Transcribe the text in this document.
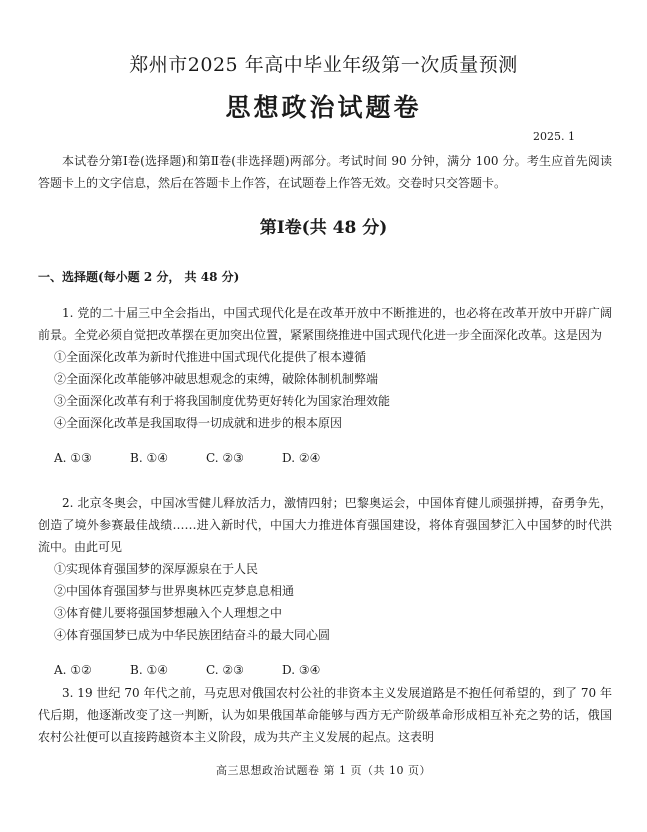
郑州市2025 年高中毕业年级第一次质量预测
思想政治试题卷
2025. 1
本试卷分第Ⅰ卷(选择题)和第Ⅱ卷(非选择题)两部分。考试时间 90 分钟，满分 100 分。考生应首先阅读答题卡上的文字信息，然后在答题卡上作答，在试题卷上作答无效。交卷时只交答题卡。
第Ⅰ卷(共 48 分)
一、选择题(每小题 2 分， 共 48 分)
1. 党的二十届三中全会指出，中国式现代化是在改革开放中不断推进的，也必将在改革开放中开辟广阔前景。全党必须自觉把改革摆在更加突出位置，紧紧围绕推进中国式现代化进一步全面深化改革。这是因为
①全面深化改革为新时代推进中国式现代化提供了根本遵循
②全面深化改革能够冲破思想观念的束缚，破除体制机制弊端
③全面深化改革有利于将我国制度优势更好转化为国家治理效能
④全面深化改革是我国取得一切成就和进步的根本原因
A. ①③	B. ①④	C. ②③	D. ②④
2. 北京冬奥会，中国冰雪健儿释放活力，激情四射；巴黎奥运会，中国体育健儿顽强拼搏，奋勇争先，创造了境外参赛最佳战绩……进入新时代，中国大力推进体育强国建设，将体育强国梦汇入中国梦的时代洪流中。由此可见
①实现体育强国梦的深厚源泉在于人民
②中国体育强国梦与世界奥林匹克梦息息相通
③体育健儿要将强国梦想融入个人理想之中
④体育强国梦已成为中华民族团结奋斗的最大同心圆
A. ①②	B. ①④	C. ②③	D. ③④
3. 19 世纪 70 年代之前，马克思对俄国农村公社的非资本主义发展道路是不抱任何希望的，到了 70 年代后期，他逐渐改变了这一判断，认为如果俄国革命能够与西方无产阶级革命形成相互补充之势的话，俄国农村公社便可以直接跨越资本主义阶段，成为共产主义发展的起点。这表明
高三思想政治试题卷 第 1 页（共 10 页）
